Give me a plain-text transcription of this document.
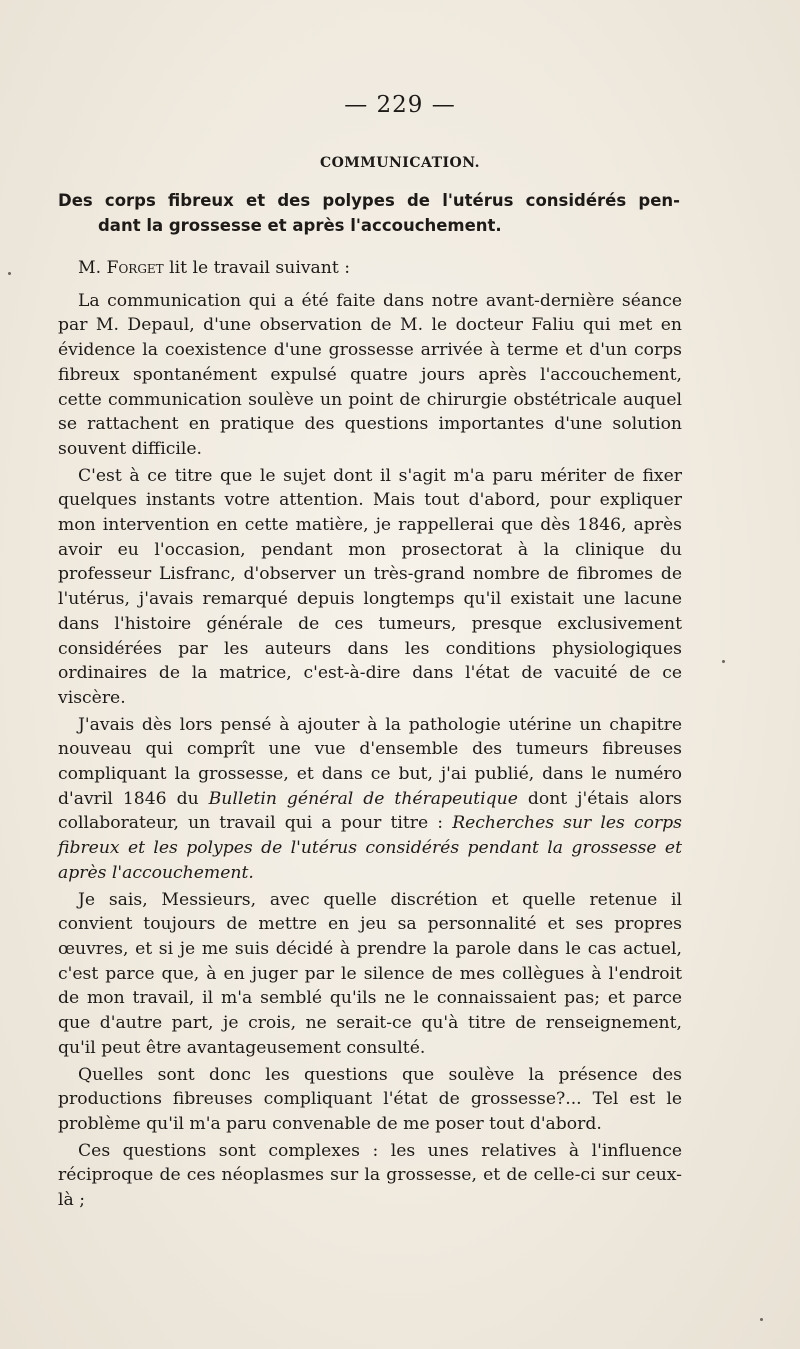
— 229 —
COMMUNICATION.
Des corps fibreux et des polypes de l'utérus considérés pen-
dant la grossesse et après l'accouchement.

M. Forget lit le travail suivant :

La communication qui a été faite dans notre avant-dernière séance par M. Depaul, d'une observation de M. le docteur Faliu qui met en évidence la coexistence d'une grossesse arrivée à terme et d'un corps fibreux spontanément expulsé quatre jours après l'accouchement, cette communication soulève un point de chirurgie obstétricale auquel se rattachent en pratique des questions importantes d'une solution souvent difficile.

C'est à ce titre que le sujet dont il s'agit m'a paru mériter de fixer quelques instants votre attention. Mais tout d'abord, pour expliquer mon intervention en cette matière, je rappellerai que dès 1846, après avoir eu l'occasion, pendant mon prosectorat à la clinique du professeur Lisfranc, d'observer un très-grand nombre de fibromes de l'utérus, j'avais remarqué depuis longtemps qu'il existait une lacune dans l'histoire générale de ces tumeurs, presque exclusivement considérées par les auteurs dans les conditions physiologiques ordinaires de la matrice, c'est-à-dire dans l'état de vacuité de ce viscère.

J'avais dès lors pensé à ajouter à la pathologie utérine un chapitre nouveau qui comprît une vue d'ensemble des tumeurs fibreuses compliquant la grossesse, et dans ce but, j'ai publié, dans le numéro d'avril 1846 du Bulletin général de thérapeutique dont j'étais alors collaborateur, un travail qui a pour titre : Recherches sur les corps fibreux et les polypes de l'utérus considérés pendant la grossesse et après l'accouchement.

Je sais, Messieurs, avec quelle discrétion et quelle retenue il convient toujours de mettre en jeu sa personnalité et ses propres œuvres, et si je me suis décidé à prendre la parole dans le cas actuel, c'est parce que, à en juger par le silence de mes collègues à l'endroit de mon travail, il m'a semblé qu'ils ne le connaissaient pas; et parce que d'autre part, je crois, ne serait-ce qu'à titre de renseignement, qu'il peut être avantageusement consulté.

Quelles sont donc les questions que soulève la présence des productions fibreuses compliquant l'état de grossesse?... Tel est le problème qu'il m'a paru convenable de me poser tout d'abord.

Ces questions sont complexes : les unes relatives à l'influence réciproque de ces néoplasmes sur la grossesse, et de celle-ci sur ceux-là ;
